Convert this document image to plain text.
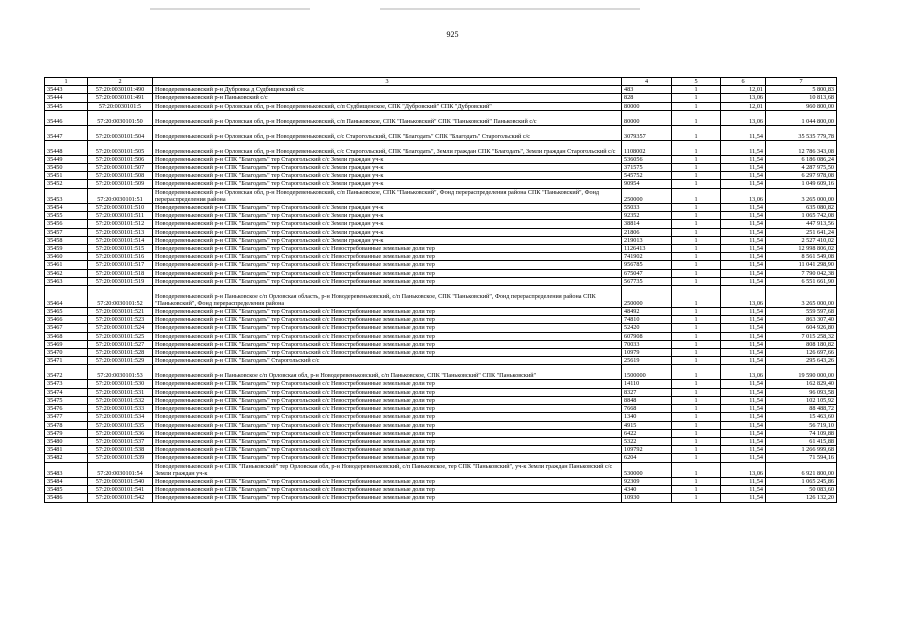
925
1	2	3	4	5	6	7
35443	57:20:0030101:490	Новодеревеньковский р-н Дубровка д Судбищенский с/с	483	1	12,01	5 800,83
35444	57:20:0030101:491	Новодеревеньковский р-н Паньковский с/с	828	1	13,06	10 813,68
35445	57:20:0030101:5	Новодеревеньковский р-н Орловская обл, р-н Новодеревеньковский, с/п Судбищенское, СПК "Дубровский" СПК "Дубровский"	80000	1	12,01	960 800,00
35446	57:20:0030101:50	Новодеревеньковский р-н Орловская обл, р-н Новодеревеньковский, с/п Паньковское, СПК "Паньковский" СПК "Паньковский" Паньковский с/с	80000	1	13,06	1 044 800,00
35447	57:20:0030101:504	Новодеревеньковский р-н Орловская обл, р-н Новодеревеньковский, с/с Старогольский, СПК "Благодать" СПК "Благодать" Старогольский с/с	3079357	1	11,54	35 535 779,78
35448	57:20:0030101:505	Новодеревеньковский р-н Орловская обл, р-н Новодеревеньковский, с/с Старогольский, СПК "Благодать", Земли граждан СПК "Благодать", Земли граждан Старогольский с/с	1108002	1	11,54	12 786 343,08
35449	57:20:0030101:506	Новодеревеньковский р-н СПК "Благодать" тер Старогольский с/с Земли граждан уч-к	536056	1	11,54	6 186 086,24
35450	57:20:0030101:507	Новодеревеньковский р-н СПК "Благодать" тер Старогольский с/с Земли граждан уч-к	371575	1	11,54	4 287 975,50
35451	57:20:0030101:508	Новодеревеньковский р-н СПК "Благодать" тер Старогольский с/с Земли граждан уч-к	545752	1	11,54	6 297 978,08
35452	57:20:0030101:509	Новодеревеньковский р-н СПК "Благодать" тер Старогольский с/с Земли граждан уч-к	90954	1	11,54	1 049 609,16
35453	57:20:0030101:51	Новодеревеньковский р-н Орловская обл, р-н Новодеревеньковский, с/п Паньковское, СПК "Паньковский", Фонд перераспределения района СПК "Паньковский", Фонд перераспределения района	250000	1	13,06	3 265 000,00
35454	57:20:0030101:510	Новодеревеньковский р-н СПК "Благодать" тер Старогольский с/с Земли граждан уч-к	55033	1	11,54	635 080,82
35455	57:20:0030101:511	Новодеревеньковский р-н СПК "Благодать" тер Старогольский с/с Земли граждан уч-к	92352	1	11,54	1 065 742,08
35456	57:20:0030101:512	Новодеревеньковский р-н СПК "Благодать" тер Старогольский с/с Земли граждан уч-к	38814	1	11,54	447 913,56
35457	57:20:0030101:513	Новодеревеньковский р-н СПК "Благодать" тер Старогольский с/с Земли граждан уч-к	21806	1	11,54	251 641,24
35458	57:20:0030101:514	Новодеревеньковский р-н СПК "Благодать" тер Старогольский с/с Земли граждан уч-к	219013	1	11,54	2 527 410,02
35459	57:20:0030101:515	Новодеревеньковский р-н СПК "Благодать" тер Старогольский с/с Невостребованные земельные доли тер	1126413	1	11,54	12 998 806,02
35460	57:20:0030101:516	Новодеревеньковский р-н СПК "Благодать" тер Старогольский с/с Невостребованные земельные доли тер	741902	1	11,54	8 561 549,08
35461	57:20:0030101:517	Новодеревеньковский р-н СПК "Благодать" тер Старогольский с/с Невостребованные земельные доли тер	956785	1	11,54	11 041 298,90
35462	57:20:0030101:518	Новодеревеньковский р-н СПК "Благодать" тер Старогольский с/с Невостребованные земельные доли тер	675047	1	11,54	7 790 042,38
35463	57:20:0030101:519	Новодеревеньковский р-н СПК "Благодать" тер Старогольский с/с Невостребованные земельные доли тер	567735	1	11,54	6 551 661,90
35464	57:20:0030101:52	Новодеревеньковский р-н Паньковское с/п Орловская область, р-н Новодеревеньковский, с/п Паньковское, СПК "Паньковский", Фонд перераспределения района СПК "Паньковский", Фонд перераспределения района	250000	1	13,06	3 265 000,00
35465	57:20:0030101:521	Новодеревеньковский р-н СПК "Благодать" тер Старогольский с/с Невостребованные земельные доли тер	48492	1	11,54	559 597,68
35466	57:20:0030101:523	Новодеревеньковский р-н СПК "Благодать" тер Старогольский с/с Невостребованные земельные доли тер	74810	1	11,54	863 307,40
35467	57:20:0030101:524	Новодеревеньковский р-н СПК "Благодать" тер Старогольский с/с Невостребованные земельные доли тер	52420	1	11,54	604 926,80
35468	57:20:0030101:525	Новодеревеньковский р-н СПК "Благодать" тер Старогольский с/с Невостребованные земельные доли тер	607908	1	11,54	7 015 258,32
35469	57:20:0030101:527	Новодеревеньковский р-н СПК "Благодать" тер Старогольский с/с Невостребованные земельные доли тер	70033	1	11,54	808 180,82
35470	57:20:0030101:528	Новодеревеньковский р-н СПК "Благодать" тер Старогольский с/с Невостребованные земельные доли тер	10979	1	11,54	126 697,66
35471	57:20:0030101:529	Новодеревеньковский р-н СПК "Благодать" Старогольский с/с	25619	1	11,54	295 643,26
35472	57:20:0030101:53	Новодеревеньковский р-н Паньковское с/п Орловская обл, р-н Новодеревеньковский, с/п Паньковское, СПК "Паньковский" СПК "Паньковский"	1500000	1	13,06	19 590 000,00
35473	57:20:0030101:530	Новодеревеньковский р-н СПК "Благодать" тер Старогольский с/с Невостребованные земельные доли тер	14110	1	11,54	162 829,40
35474	57:20:0030101:531	Новодеревеньковский р-н СПК "Благодать" тер Старогольский с/с Невостребованные земельные доли тер	8327	1	11,54	96 093,58
35475	57:20:0030101:532	Новодеревеньковский р-н СПК "Благодать" тер Старогольский с/с Невостребованные земельные доли тер	8848	1	11,54	102 105,92
35476	57:20:0030101:533	Новодеревеньковский р-н СПК "Благодать" тер Старогольский с/с Невостребованные земельные доли тер	7668	1	11,54	88 488,72
35477	57:20:0030101:534	Новодеревеньковский р-н СПК "Благодать" тер Старогольский с/с Невостребованные земельные доли тер	1340	1	11,54	15 463,60
35478	57:20:0030101:535	Новодеревеньковский р-н СПК "Благодать" тер Старогольский с/с Невостребованные земельные доли тер	4915	1	11,54	56 719,10
35479	57:20:0030101:536	Новодеревеньковский р-н СПК "Благодать" тер Старогольский с/с Невостребованные земельные доли тер	6422	1	11,54	74 109,88
35480	57:20:0030101:537	Новодеревеньковский р-н СПК "Благодать" тер Старогольский с/с Невостребованные земельные доли тер	5322	1	11,54	61 415,88
35481	57:20:0030101:538	Новодеревеньковский р-н СПК "Благодать" тер Старогольский с/с Невостребованные земельные доли тер	109792	1	11,54	1 266 999,68
35482	57:20:0030101:539	Новодеревеньковский р-н СПК "Благодать" тер Старогольский с/с Невостребованные земельные доли тер	6204	1	11,54	71 594,16
35483	57:20:0030101:54	Новодеревеньковский р-н СПК "Паньковский" тер Орловская обл, р-н Новодеревеньковский, с/п Паньковское, тер СПК "Паньковский", уч-к Земли граждан Паньковский с/с Земли граждан уч-к	530000	1	13,06	6 921 800,00
35484	57:20:0030101:540	Новодеревеньковский р-н СПК "Благодать" тер Старогольский с/с Невостребованные земельные доли тер	92309	1	11,54	1 065 245,86
35485	57:20:0030101:541	Новодеревеньковский р-н СПК "Благодать" тер Старогольский с/с Невостребованные земельные доли тер	4340	1	11,54	50 083,60
35486	57:20:0030101:542	Новодеревеньковский р-н СПК "Благодать" тер Старогольский с/с Невостребованные земельные доли тер	10930	1	11,54	126 132,20
